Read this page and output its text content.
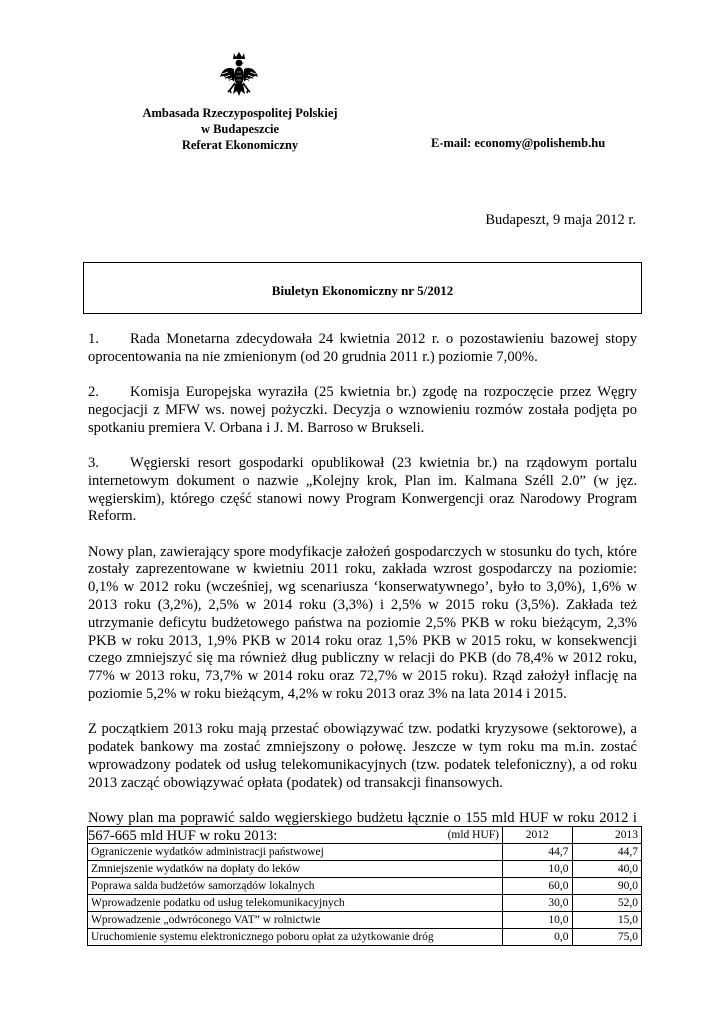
Ambasada Rzeczypospolitej Polskiej
w Budapeszcie
Referat Ekonomiczny	E-mail: economy@polishemb.hu
Budapeszt, 9 maja 2012 r.
Biuletyn Ekonomiczny nr 5/2012

1. Rada Monetarna zdecydowała 24 kwietnia 2012 r. o pozostawieniu bazowej stopy oprocentowania na nie zmienionym (od 20 grudnia 2011 r.) poziomie 7,00%.

2. Komisja Europejska wyraziła (25 kwietnia br.) zgodę na rozpoczęcie przez Węgry negocjacji z MFW ws. nowej pożyczki. Decyzja o wznowieniu rozmów została podjęta po spotkaniu premiera V. Orbana i J. M. Barroso w Brukseli.

3. Węgierski resort gospodarki opublikował (23 kwietnia br.) na rządowym portalu internetowym dokument o nazwie „Kolejny krok, Plan im. Kalmana Széll 2.0” (w jęz. węgierskim), którego część stanowi nowy Program Konwergencji oraz Narodowy Program Reform.

Nowy plan, zawierający spore modyfikacje założeń gospodarczych w stosunku do tych, które zostały zaprezentowane w kwietniu 2011 roku, zakłada wzrost gospodarczy na poziomie: 0,1% w 2012 roku (wcześniej, wg scenariusza ‘konserwatywnego’, było to 3,0%), 1,6% w 2013 roku (3,2%), 2,5% w 2014 roku (3,3%) i 2,5% w 2015 roku (3,5%). Zakłada też utrzymanie deficytu budżetowego państwa na poziomie 2,5% PKB w roku bieżącym, 2,3% PKB w roku 2013, 1,9% PKB w 2014 roku oraz 1,5% PKB w 2015 roku, w konsekwencji czego zmniejszyć się ma również dług publiczny w relacji do PKB (do 78,4% w 2012 roku, 77% w 2013 roku, 73,7% w 2014 roku oraz 72,7% w 2015 roku). Rząd założył inflację na poziomie 5,2% w roku bieżącym, 4,2% w roku 2013 oraz 3% na lata 2014 i 2015.

Z początkiem 2013 roku mają przestać obowiązywać tzw. podatki kryzysowe (sektorowe), a podatek bankowy ma zostać zmniejszony o połowę. Jeszcze w tym roku ma m.in. zostać wprowadzony podatek od usług telekomunikacyjnych (tzw. podatek telefoniczny), a od roku 2013 zacząć obowiązywać opłata (podatek) od transakcji finansowych.

Nowy plan ma poprawić saldo węgierskiego budżetu łącznie o 155 mld HUF w roku 2012 i 567-665 mld HUF w roku 2013:	(mld HUF)	2012	2013
Ograniczenie wydatków administracji państwowej	44,7	44,7
Zmniejszenie wydatków na dopłaty do leków	10,0	40,0
Poprawa salda budżetów samorządów lokalnych	60,0	90,0
Wprowadzenie podatku od usług telekomunikacyjnych	30,0	52,0
Wprowadzenie „odwróconego VAT” w rolnictwie	10,0	15,0
Uruchomienie systemu elektronicznego poboru opłat za użytkowanie dróg	0,0	75,0
